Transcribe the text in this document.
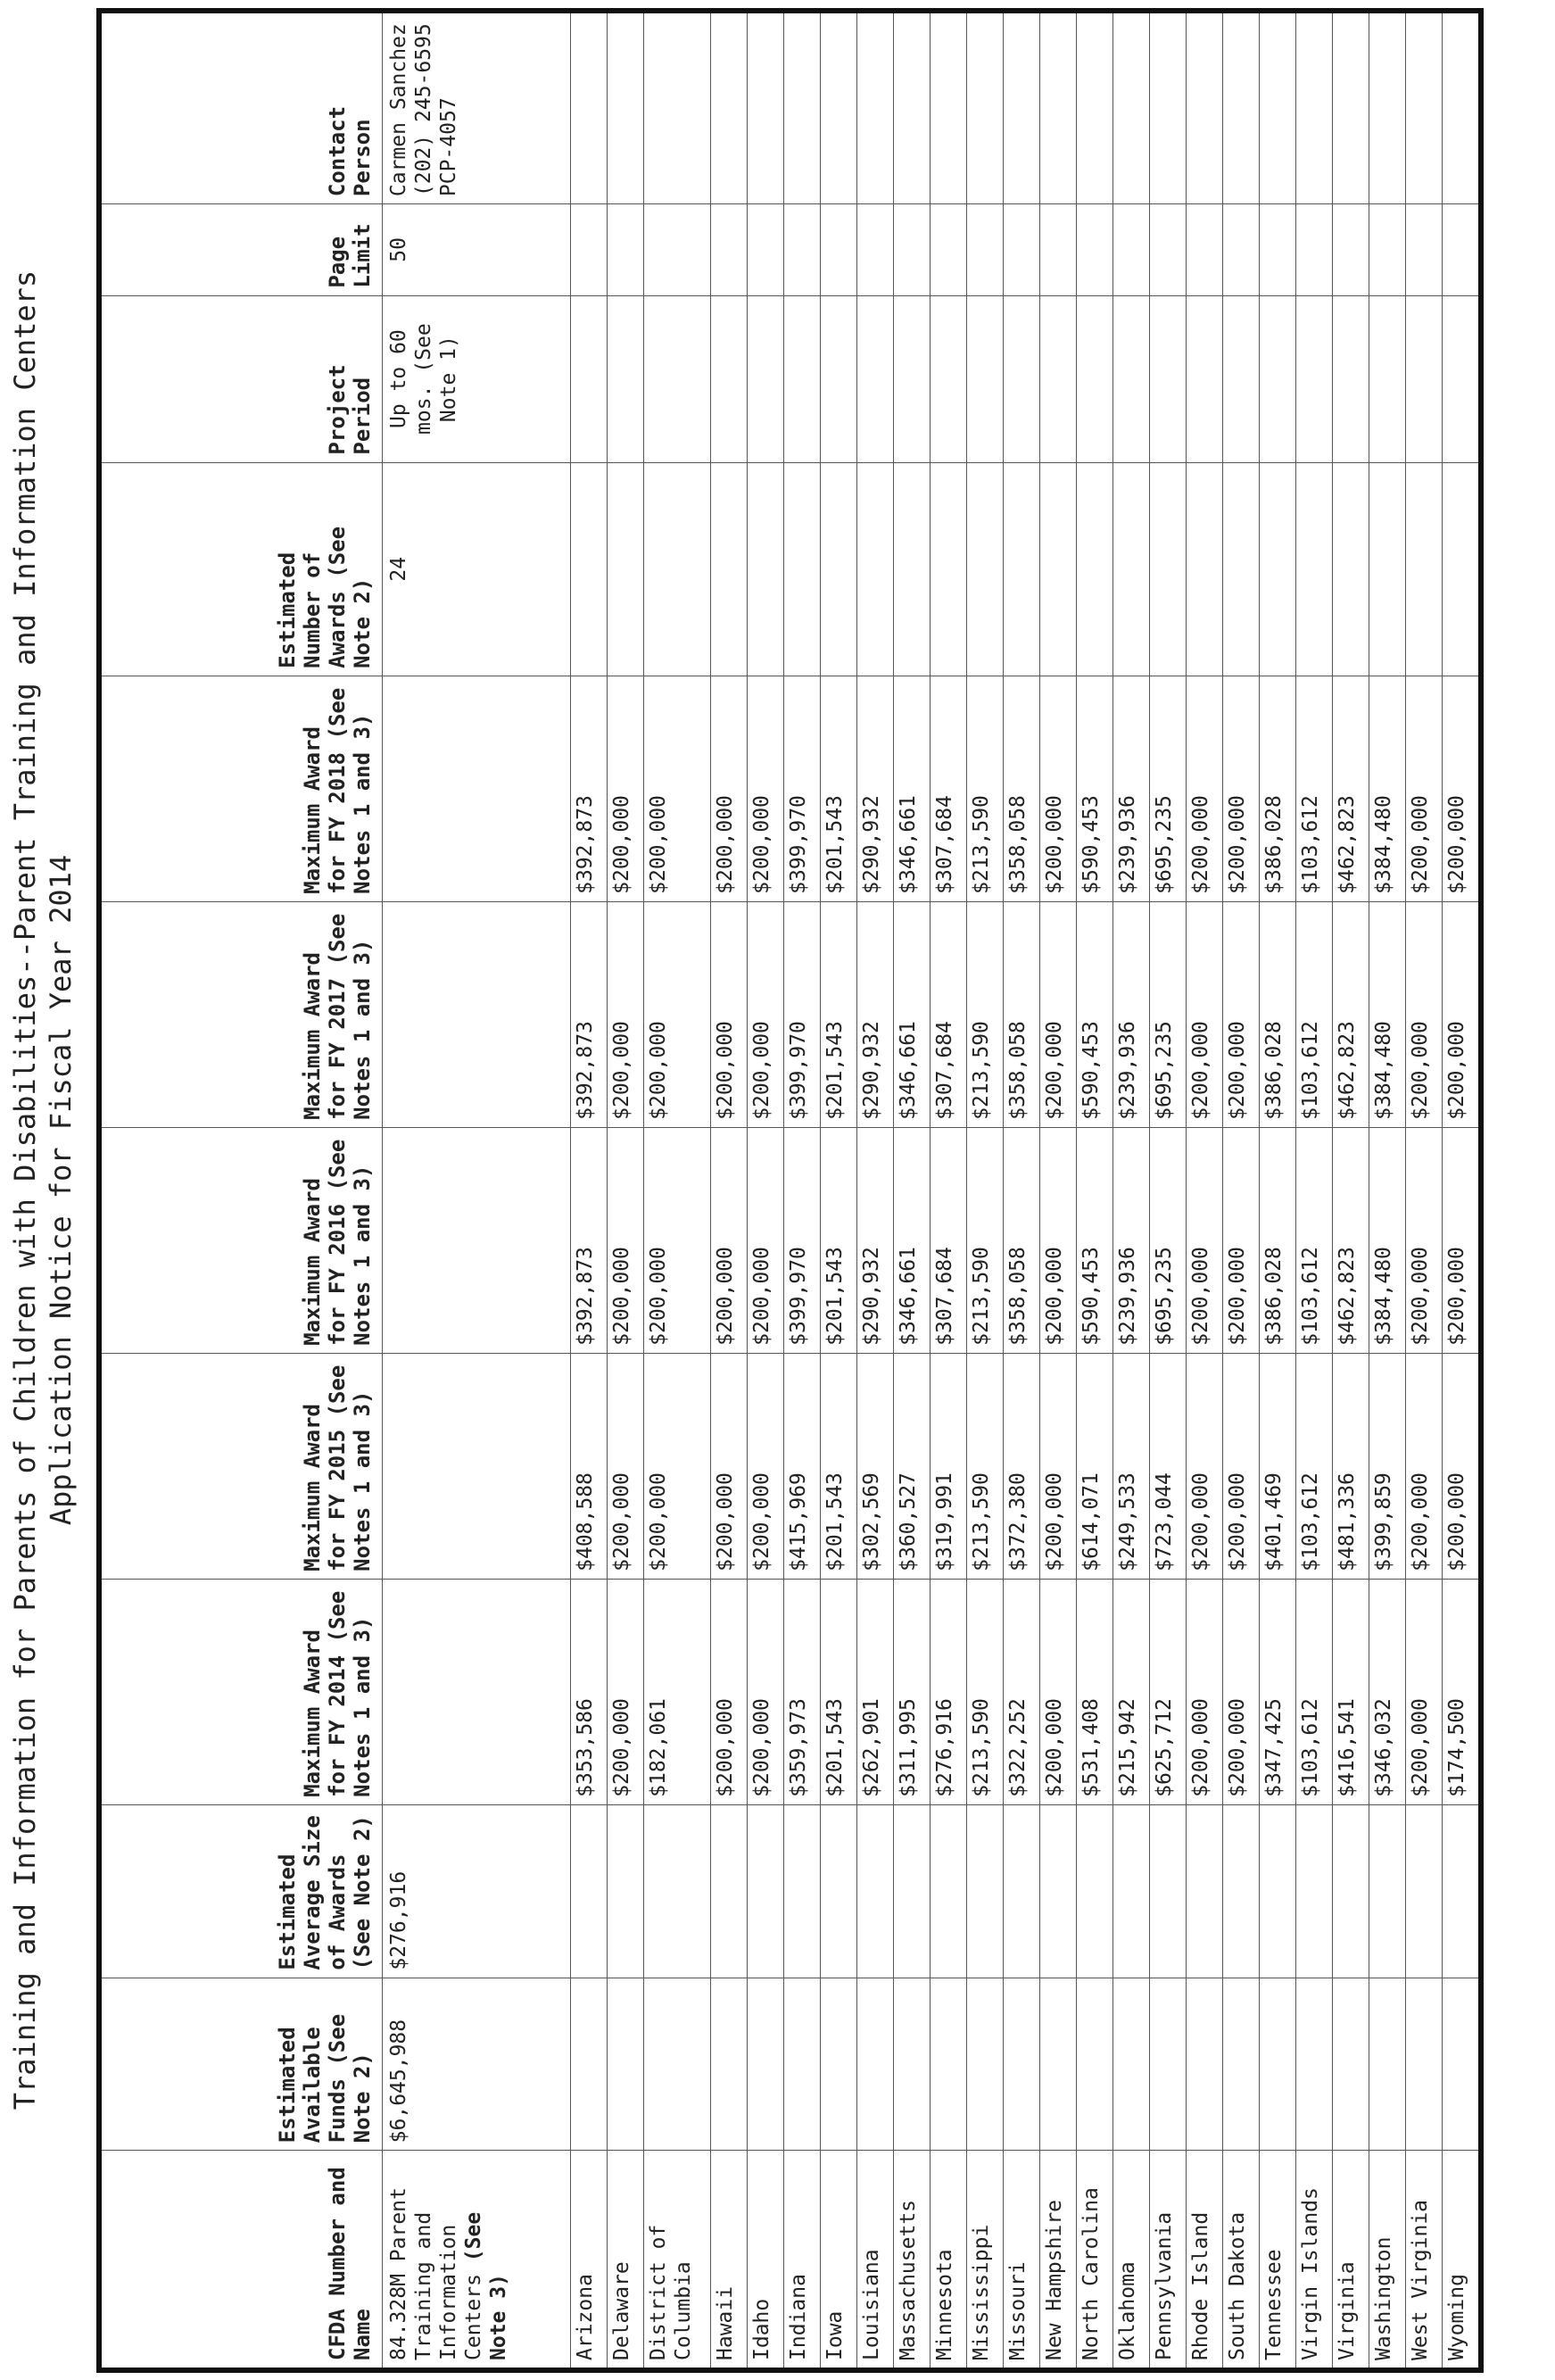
Training and Information for Parents of Children with Disabilities--Parent Training and Information Centers Application Notice for Fiscal Year 2014
CFDA Number and Name	Estimated Available Funds (See Note 2)	Estimated Average Size of Awards (See Note 2)	Maximum Award for FY 2014 (See Notes 1 and 3)	Maximum Award for FY 2015 (See Notes 1 and 3)	Maximum Award for FY 2016 (See Notes 1 and 3)	Maximum Award for FY 2017 (See Notes 1 and 3)	Maximum Award for FY 2018 (See Notes 1 and 3)	Estimated Number of Awards (See Note 2)	Project Period	Page Limit	Contact Person
84.328M Parent Training and Information Centers (See Note 3)	$6,645,988	$276,916						24	Up to 60 mos. (See Note 1)	50	Carmen Sanchez (202) 245-6595 PCP-4057
Arizona			$353,586	$408,588	$392,873	$392,873	$392,873				
Delaware			$200,000	$200,000	$200,000	$200,000	$200,000				
District of Columbia			$182,061	$200,000	$200,000	$200,000	$200,000				
Hawaii			$200,000	$200,000	$200,000	$200,000	$200,000				
Idaho			$200,000	$200,000	$200,000	$200,000	$200,000				
Indiana			$359,973	$415,969	$399,970	$399,970	$399,970				
Iowa			$201,543	$201,543	$201,543	$201,543	$201,543				
Louisiana			$262,901	$302,569	$290,932	$290,932	$290,932				
Massachusetts			$311,995	$360,527	$346,661	$346,661	$346,661				
Minnesota			$276,916	$319,991	$307,684	$307,684	$307,684				
Mississippi			$213,590	$213,590	$213,590	$213,590	$213,590				
Missouri			$322,252	$372,380	$358,058	$358,058	$358,058				
New Hampshire			$200,000	$200,000	$200,000	$200,000	$200,000				
North Carolina			$531,408	$614,071	$590,453	$590,453	$590,453				
Oklahoma			$215,942	$249,533	$239,936	$239,936	$239,936				
Pennsylvania			$625,712	$723,044	$695,235	$695,235	$695,235				
Rhode Island			$200,000	$200,000	$200,000	$200,000	$200,000				
South Dakota			$200,000	$200,000	$200,000	$200,000	$200,000				
Tennessee			$347,425	$401,469	$386,028	$386,028	$386,028				
Virgin Islands			$103,612	$103,612	$103,612	$103,612	$103,612				
Virginia			$416,541	$481,336	$462,823	$462,823	$462,823				
Washington			$346,032	$399,859	$384,480	$384,480	$384,480				
West Virginia			$200,000	$200,000	$200,000	$200,000	$200,000				
Wyoming			$174,500	$200,000	$200,000	$200,000	$200,000				
